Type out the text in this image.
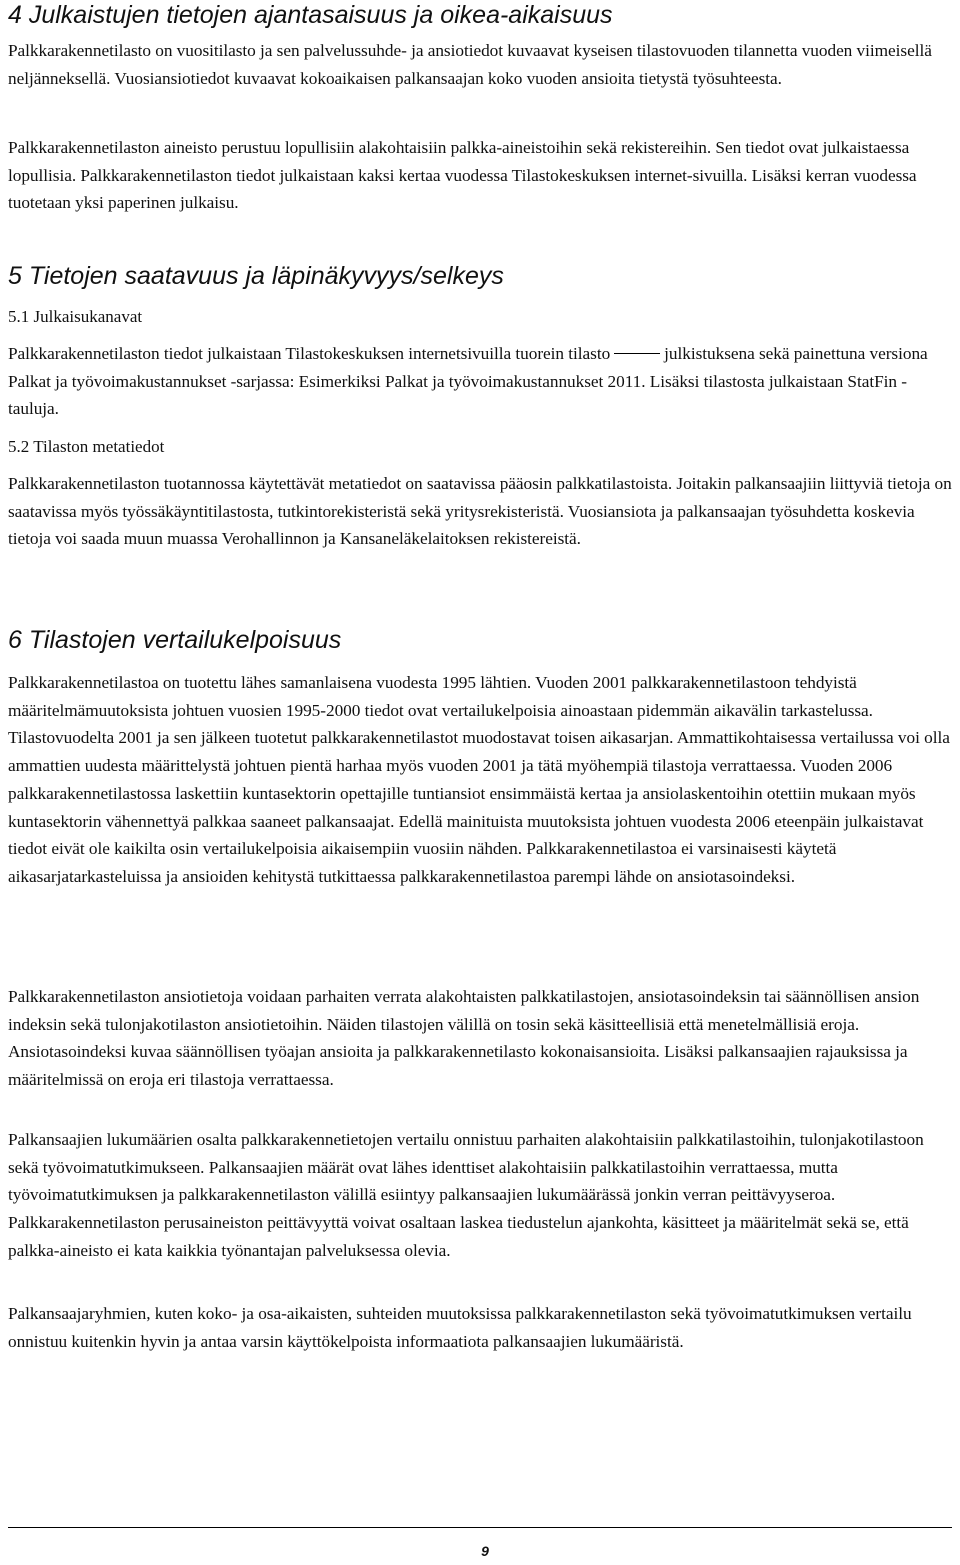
4 Julkaistujen tietojen ajantasaisuus ja oikea-aikaisuus

Palkkarakennetilasto on vuositilasto ja sen palvelussuhde- ja ansiotiedot kuvaavat kyseisen tilastovuoden tilannetta vuoden viimeisellä neljänneksellä. Vuosiansiotiedot kuvaavat kokoaikaisen palkansaajan koko vuoden ansioita tietystä työsuhteesta.

Palkkarakennetilaston aineisto perustuu lopullisiin alakohtaisiin palkka-aineistoihin sekä rekistereihin. Sen tiedot ovat julkaistaessa lopullisia. Palkkarakennetilaston tiedot julkaistaan kaksi kertaa vuodessa Tilastokeskuksen internet-sivuilla. Lisäksi kerran vuodessa tuotetaan yksi paperinen julkaisu.

5 Tietojen saatavuus ja läpinäkyvyys/selkeys
5.1 Julkaisukanavat

Palkkarakennetilaston tiedot julkaistaan Tilastokeskuksen internetsivuilla tuorein tilasto	julkistuksena sekä painettuna versiona Palkat ja työvoimakustannukset -sarjassa: Esimerkiksi Palkat ja työvoimakustannukset 2011. Lisäksi tilastosta julkaistaan StatFin -tauluja.

5.2 Tilaston metatiedot

Palkkarakennetilaston tuotannossa käytettävät metatiedot on saatavissa pääosin palkkatilastoista. Joitakin palkansaajiin liittyviä tietoja on saatavissa myös työssäkäyntitilastosta, tutkintorekisteristä sekä yritysrekisteristä. Vuosiansiota ja palkansaajan työsuhdetta koskevia tietoja voi saada muun muassa Verohallinnon ja Kansaneläkelaitoksen rekistereistä.

6 Tilastojen vertailukelpoisuus

Palkkarakennetilastoa on tuotettu lähes samanlaisena vuodesta 1995 lähtien. Vuoden 2001 palkkarakennetilastoon tehdyistä määritelmämuutoksista johtuen vuosien 1995-2000 tiedot ovat vertailukelpoisia ainoastaan pidemmän aikavälin tarkastelussa. Tilastovuodelta 2001 ja sen jälkeen tuotetut palkkarakennetilastot muodostavat toisen aikasarjan. Ammattikohtaisessa vertailussa voi olla ammattien uudesta määrittelystä johtuen pientä harhaa myös vuoden 2001 ja tätä myöhempiä tilastoja verrattaessa. Vuoden 2006 palkkarakennetilastossa laskettiin kuntasektorin opettajille tuntiansiot ensimmäistä kertaa ja ansiolaskentoihin otettiin mukaan myös kuntasektorin vähennettyä palkkaa saaneet palkansaajat. Edellä mainituista muutoksista johtuen vuodesta 2006 eteenpäin julkaistavat tiedot eivät ole kaikilta osin vertailukelpoisia aikaisempiin vuosiin nähden. Palkkarakennetilastoa ei varsinaisesti käytetä aikasarjatarkasteluissa ja ansioiden kehitystä tutkittaessa palkkarakennetilastoa parempi lähde on ansiotasoindeksi.

Palkkarakennetilaston ansiotietoja voidaan parhaiten verrata alakohtaisten palkkatilastojen, ansiotasoindeksin tai säännöllisen ansion indeksin sekä tulonjakotilaston ansiotietoihin. Näiden tilastojen välillä on tosin sekä käsitteellisiä että menetelmällisiä eroja. Ansiotasoindeksi kuvaa säännöllisen työajan ansioita ja palkkarakennetilasto kokonaisansioita. Lisäksi palkansaajien rajauksissa ja määritelmissä on eroja eri tilastoja verrattaessa.

Palkansaajien lukumäärien osalta palkkarakennetietojen vertailu onnistuu parhaiten alakohtaisiin palkkatilastoihin, tulonjakotilastoon sekä työvoimatutkimukseen. Palkansaajien määrät ovat lähes identtiset alakohtaisiin palkkatilastoihin verrattaessa, mutta työvoimatutkimuksen ja palkkarakennetilaston välillä esiintyy palkansaajien lukumäärässä jonkin verran peittävyyseroa. Palkkarakennetilaston perusaineiston peittävyyttä voivat osaltaan laskea tiedustelun ajankohta, käsitteet ja määritelmät sekä se, että palkka-aineisto ei kata kaikkia työnantajan palveluksessa olevia.

Palkansaajaryhmien, kuten koko- ja osa-aikaisten, suhteiden muutoksissa palkkarakennetilaston sekä työvoimatutkimuksen vertailu onnistuu kuitenkin hyvin ja antaa varsin käyttökelpoista informaatiota palkansaajien lukumääristä.

9
